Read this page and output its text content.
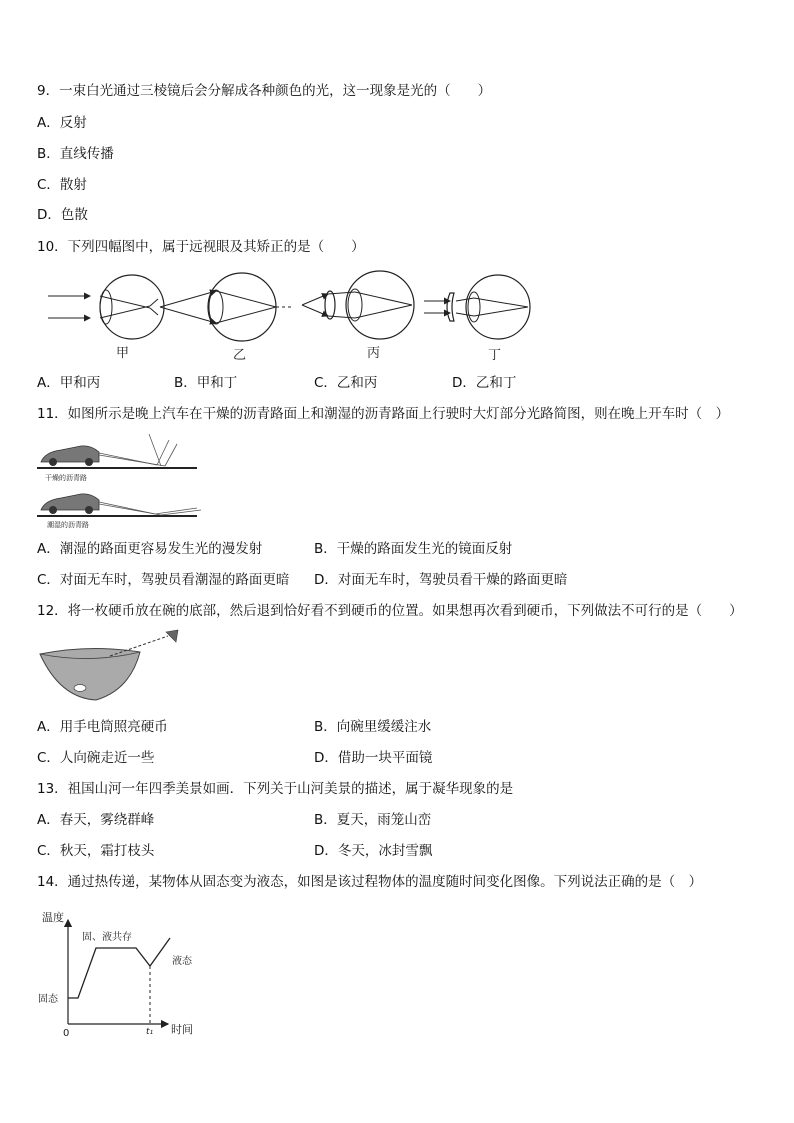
9．一束白光通过三棱镜后会分解成各种颜色的光，这一现象是光的（　　）
A．反射
B．直线传播
C．散射
D．色散
10．下列四幅图中，属于远视眼及其矫正的是（　　）
甲	乙	丙	丁
A．甲和丙	B．甲和丁	C．乙和丙	D．乙和丁
11．如图所示是晚上汽车在干燥的沥青路面上和潮湿的沥青路面上行驶时大灯部分光路简图，则在晚上开车时（　）
干燥的沥青路
潮湿的沥青路
A．潮湿的路面更容易发生光的漫发射	B．干燥的路面发生光的镜面反射
C．对面无车时，驾驶员看潮湿的路面更暗 D．对面无车时，驾驶员看干燥的路面更暗
12．将一枚硬币放在碗的底部，然后退到恰好看不到硬币的位置。如果想再次看到硬币，下列做法不可行的是（　　）
A．用手电筒照亮硬币	B．向碗里缓缓注水
C．人向碗走近一些	D．借助一块平面镜
13．祖国山河一年四季美景如画．下列关于山河美景的描述，属于凝华现象的是
A．春天，雾绕群峰	B．夏天，雨笼山峦
C．秋天，霜打枝头	D．冬天，冰封雪飘
14．通过热传递，某物体从固态变为液态，如图是该过程物体的温度随时间变化图像。下列说法正确的是（　）
温度
时间
0	t₁
固、液共存
液态
固态
